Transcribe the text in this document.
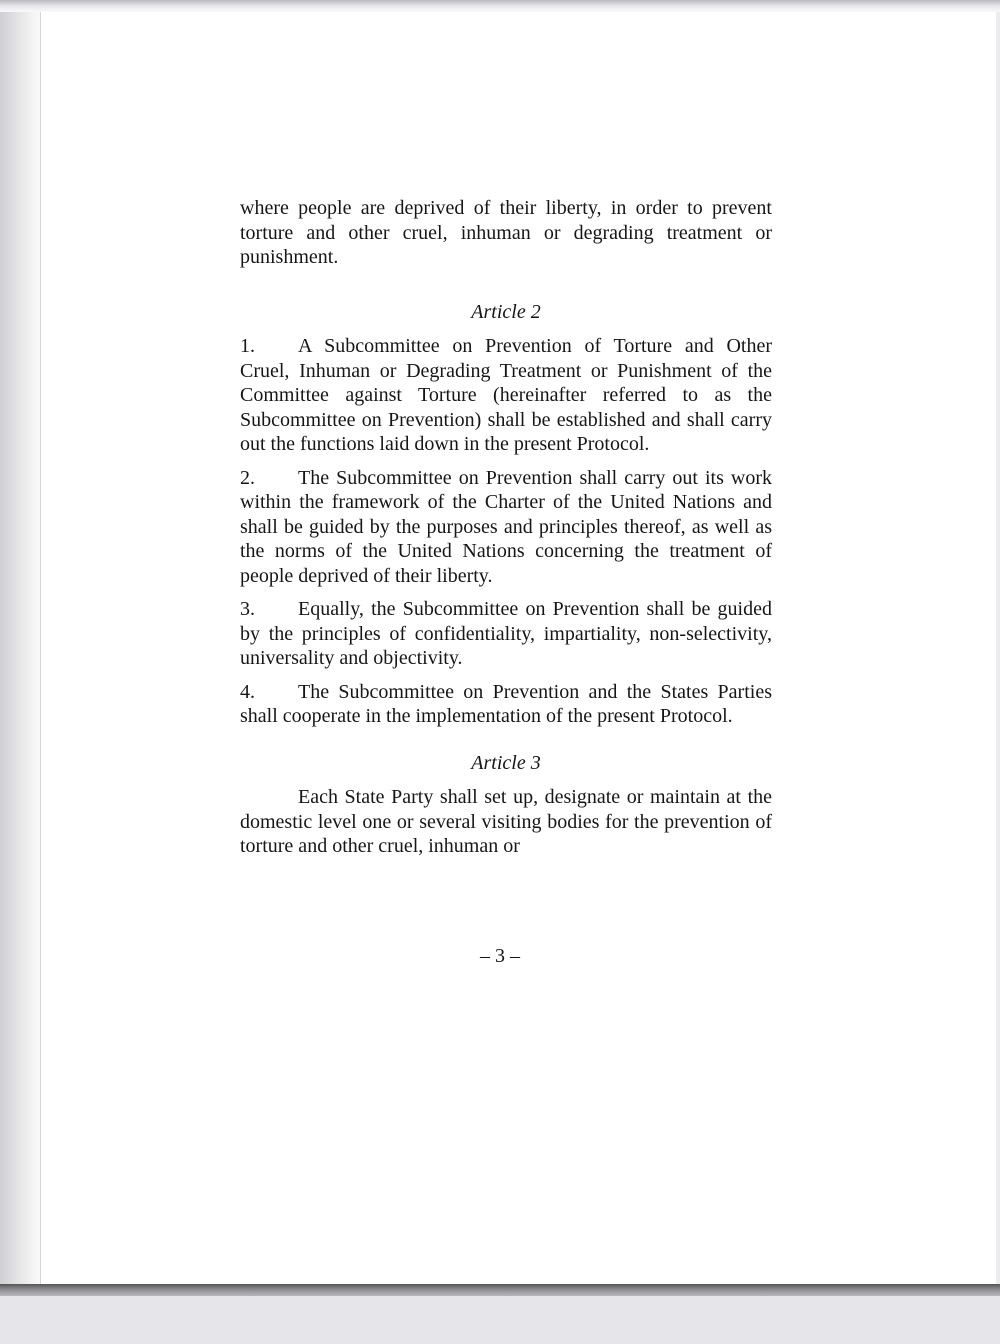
where people are deprived of their liberty, in order to prevent torture and other cruel, inhuman or degrading treatment or punishment.

Article 2

1. A Subcommittee on Prevention of Torture and Other Cruel, Inhuman or Degrading Treatment or Punishment of the Committee against Torture (hereinafter referred to as the Subcommittee on Prevention) shall be established and shall carry out the functions laid down in the present Protocol.

2. The Subcommittee on Prevention shall carry out its work within the framework of the Charter of the United Nations and shall be guided by the purposes and principles thereof, as well as the norms of the United Nations concerning the treatment of people deprived of their liberty.

3. Equally, the Subcommittee on Prevention shall be guided by the principles of confidentiality, impartiality, non-selectivity, universality and objectivity.

4. The Subcommittee on Prevention and the States Parties shall cooperate in the implementation of the present Protocol.

Article 3

Each State Party shall set up, designate or maintain at the domestic level one or several visiting bodies for the prevention of torture and other cruel, inhuman or

– 3 –
